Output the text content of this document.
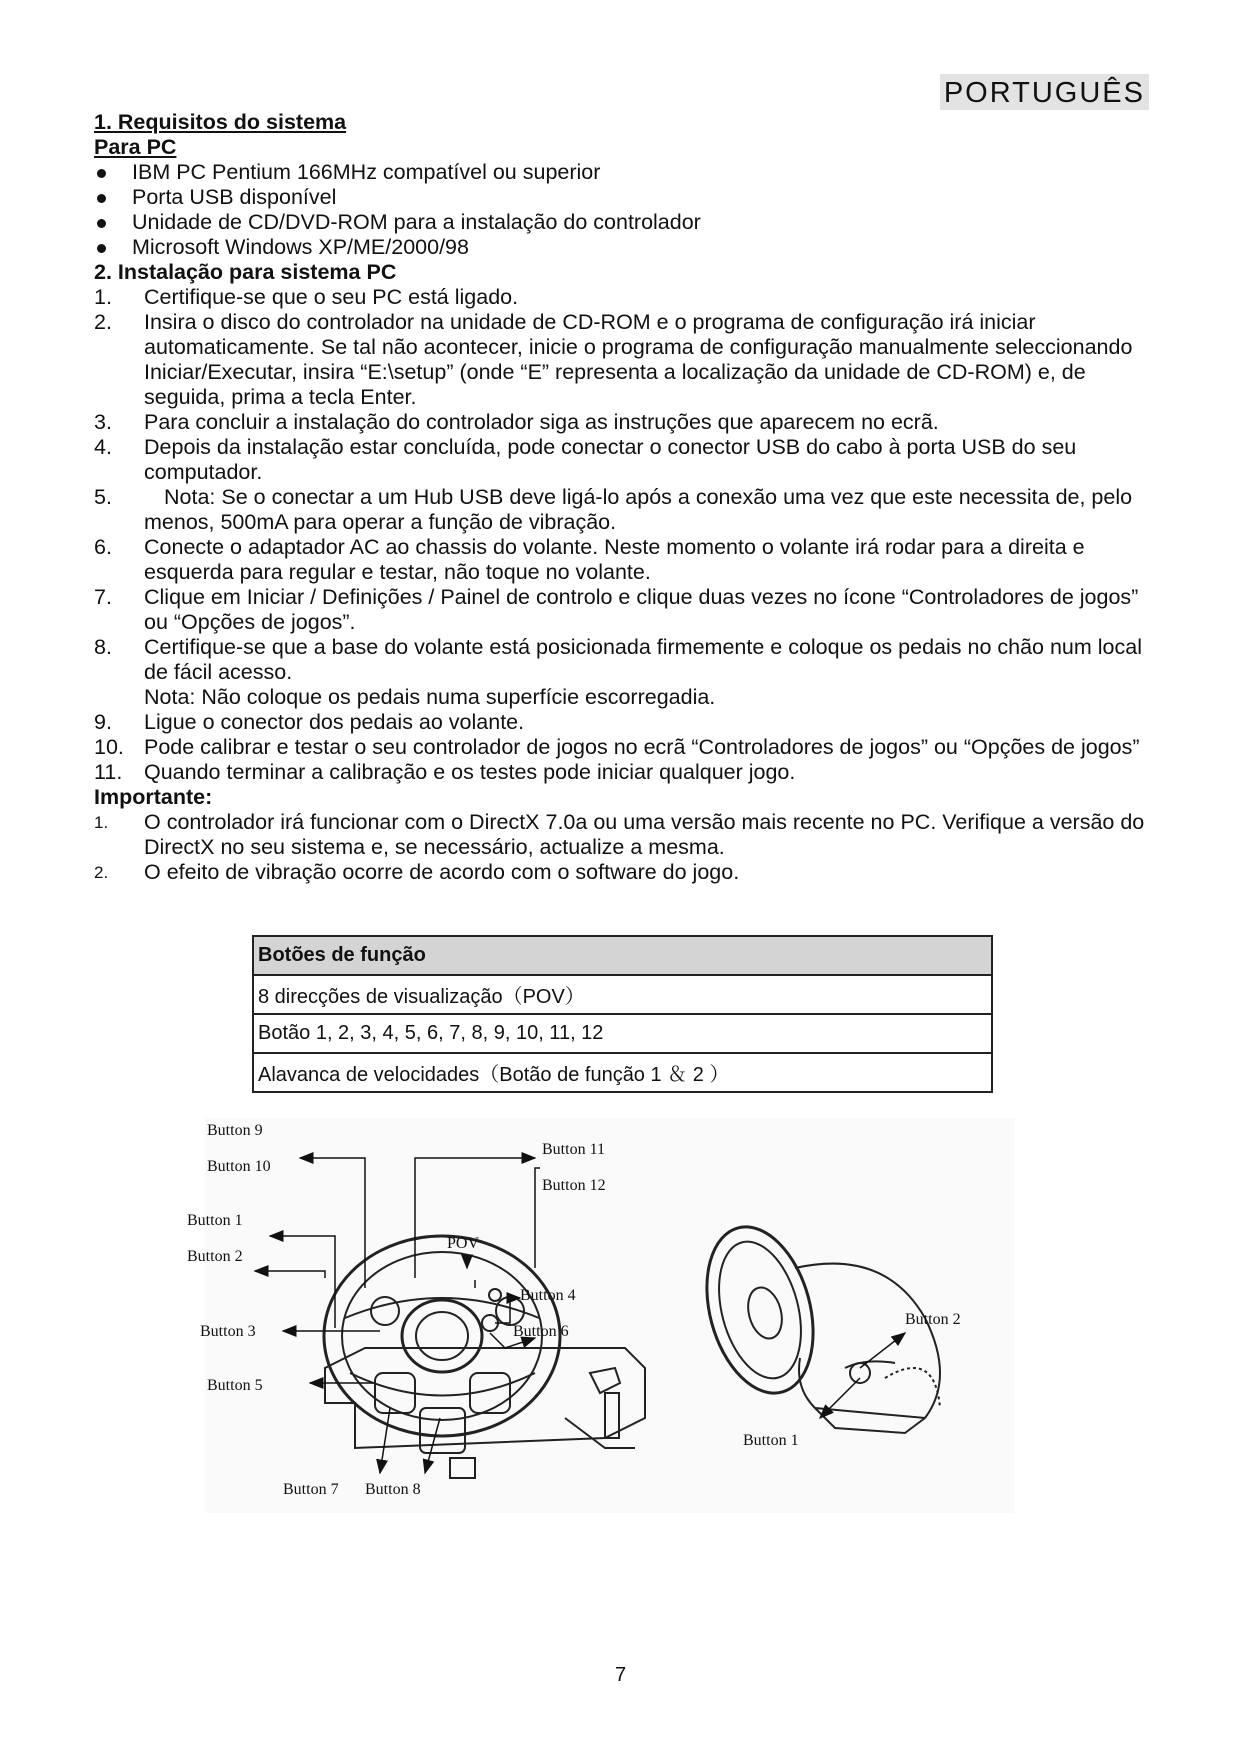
PORTUGUÊS
1. Requisitos do sistema
Para PC
IBM PC Pentium 166MHz compatível ou superior
Porta USB disponível
Unidade de CD/DVD-ROM para a instalação do controlador
Microsoft Windows XP/ME/2000/98
2. Instalação para sistema PC
1. Certifique-se que o seu PC está ligado.
2. Insira o disco do controlador na unidade de CD-ROM e o programa de configuração irá iniciar automaticamente. Se tal não acontecer, inicie o programa de configuração manualmente seleccionando Iniciar/Executar, insira “E:\setup” (onde “E” representa a localização da unidade de CD-ROM) e, de seguida, prima a tecla Enter.
3. Para concluir a instalação do controlador siga as instruções que aparecem no ecrã.
4. Depois da instalação estar concluída, pode conectar o conector USB do cabo à porta USB do seu computador.
5. Nota: Se o conectar a um Hub USB deve ligá-lo após a conexão uma vez que este necessita de, pelo menos, 500mA para operar a função de vibração.
6. Conecte o adaptador AC ao chassis do volante. Neste momento o volante irá rodar para a direita e esquerda para regular e testar, não toque no volante.
7. Clique em Iniciar / Definições / Painel de controlo e clique duas vezes no ícone “Controladores de jogos” ou “Opções de jogos”.
8. Certifique-se que a base do volante está posicionada firmemente e coloque os pedais no chão num local de fácil acesso.
Nota: Não coloque os pedais numa superfície escorregadia.
9. Ligue o conector dos pedais ao volante.
10. Pode calibrar e testar o seu controlador de jogos no ecrã “Controladores de jogos” ou “Opções de jogos”
11. Quando terminar a calibração e os testes pode iniciar qualquer jogo.
Importante:
1. O controlador irá funcionar com o DirectX 7.0a ou uma versão mais recente no PC. Verifique a versão do DirectX no seu sistema e, se necessário, actualize a mesma.
2. O efeito de vibração ocorre de acordo com o software do jogo.
Botões de função
8 direcções de visualização（POV）
Botão 1, 2, 3, 4, 5, 6, 7, 8, 9, 10, 11, 12
Alavanca de velocidades（Botão de função 1 ＆ 2 ）
Button 9
Button 10
Button 11
Button 12
Button 1
Button 2
POV
Button 4
Button 3	Button 6
Button 5
Button 7 Button 8
Button 2
Button 1
7
